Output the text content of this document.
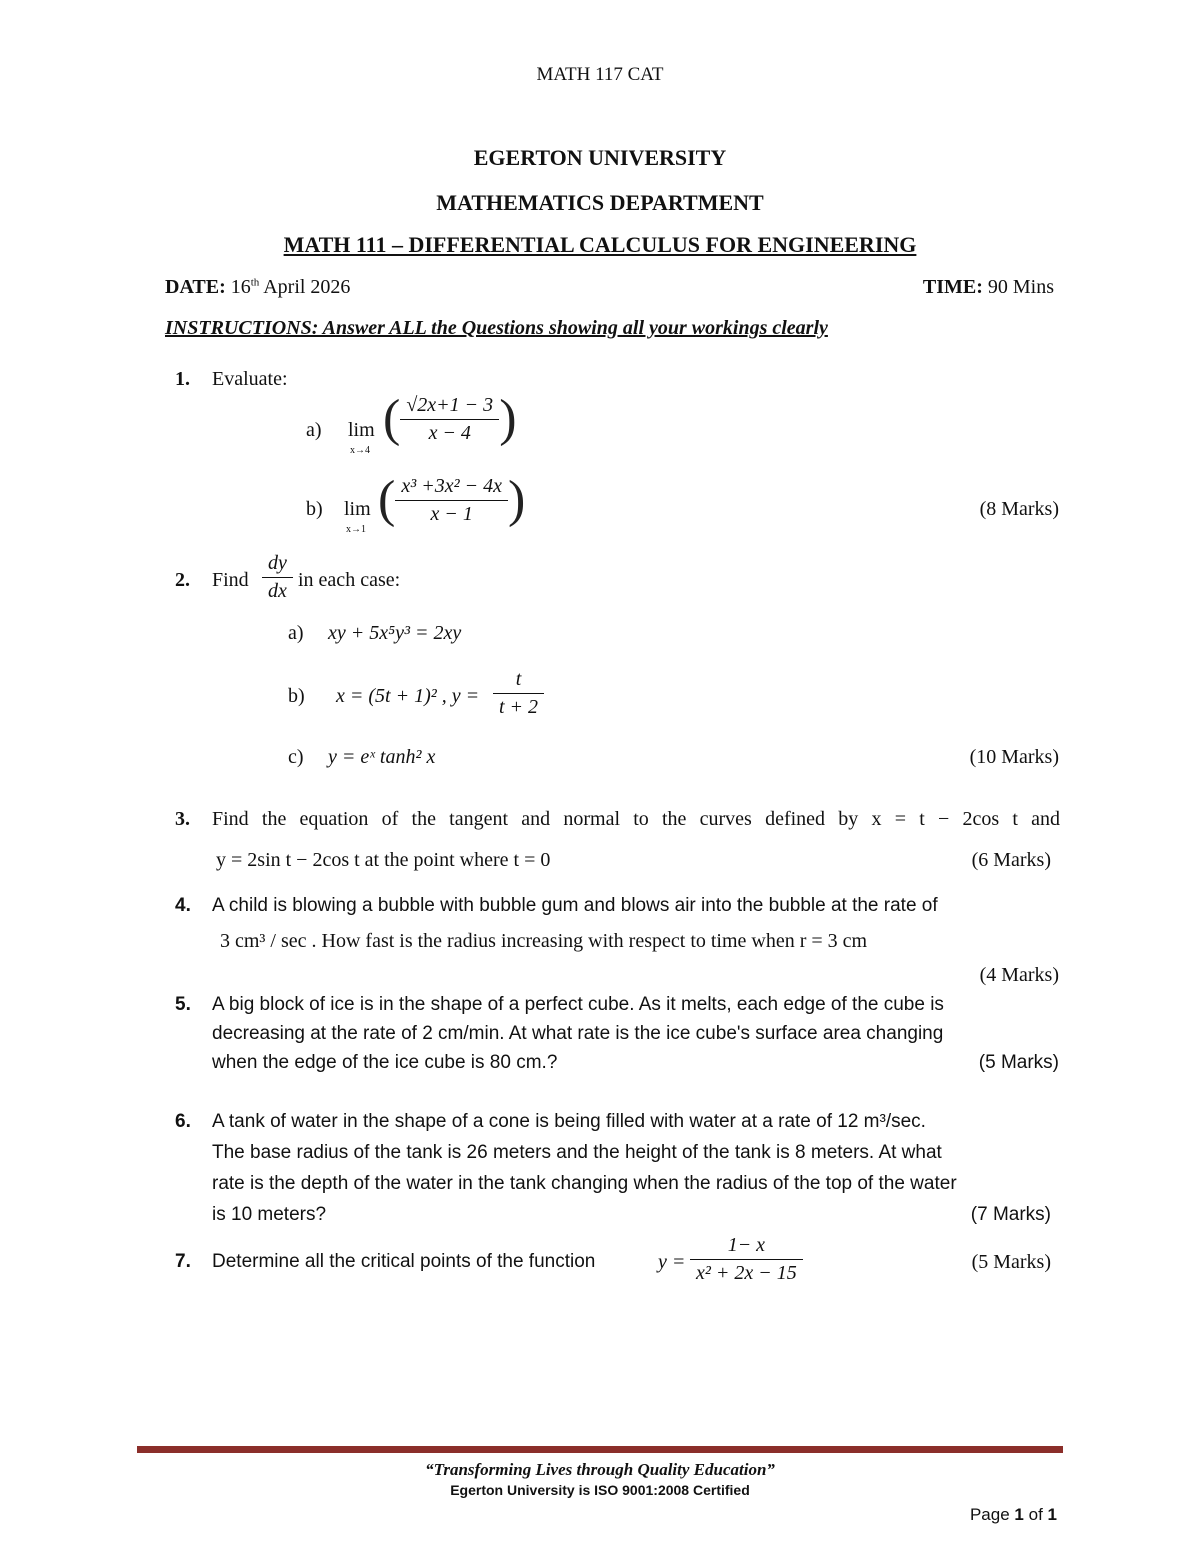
MATH 117 CAT
EGERTON UNIVERSITY
MATHEMATICS DEPARTMENT
MATH 111 – DIFFERENTIAL CALCULUS FOR ENGINEERING
DATE: 16th April 2026	TIME: 90 Mins
INSTRUCTIONS: Answer ALL the Questions showing all your workings clearly
1. Evaluate:
a) lim
x→4
( $\frac{√2x+1 - 3}{x - 4}$ )
b) lim
x→1
( $\frac{\text{x³ +3x² − 4x}}{x - 1}$ )	(8 Marks)
2. Find $\frac{dy}{dx}$ in each case:
a) xy + 5x⁵y³ = 2xy
b) x = (5t + 1)² , $y = \frac{t}{t + 2}$
c) y = eˣ tanh² x	(10 Marks)
3. Find the equation of the tangent and normal to the curves defined by x = t − 2cos t and
y = 2sin t − 2cos t at the point where t = 0	(6 Marks)
4. A child is blowing a bubble with bubble gum and blows air into the bubble at the rate of
3 cm³ / sec . How fast is the radius increasing with respect to time when r = 3 cm
(4 Marks)
5. A big block of ice is in the shape of a perfect cube. As it melts, each edge of the cube is
decreasing at the rate of 2 cm/min. At what rate is the ice cube's surface area changing
when the edge of the ice cube is 80 cm.?	(5 Marks)
6. A tank of water in the shape of a cone is being filled with water at a rate of 12 m³/sec.
The base radius of the tank is 26 meters and the height of the tank is 8 meters. At what
rate is the depth of the water in the tank changing when the radius of the top of the water
is 10 meters?	(7 Marks)
7. Determine all the critical points of the function	$y = \frac{1- x}{\text{x² + 2x − 15}}$	(5 Marks)
“Transforming Lives through Quality Education”
Egerton University is ISO 9001:2008 Certified
Page 1 of 1
